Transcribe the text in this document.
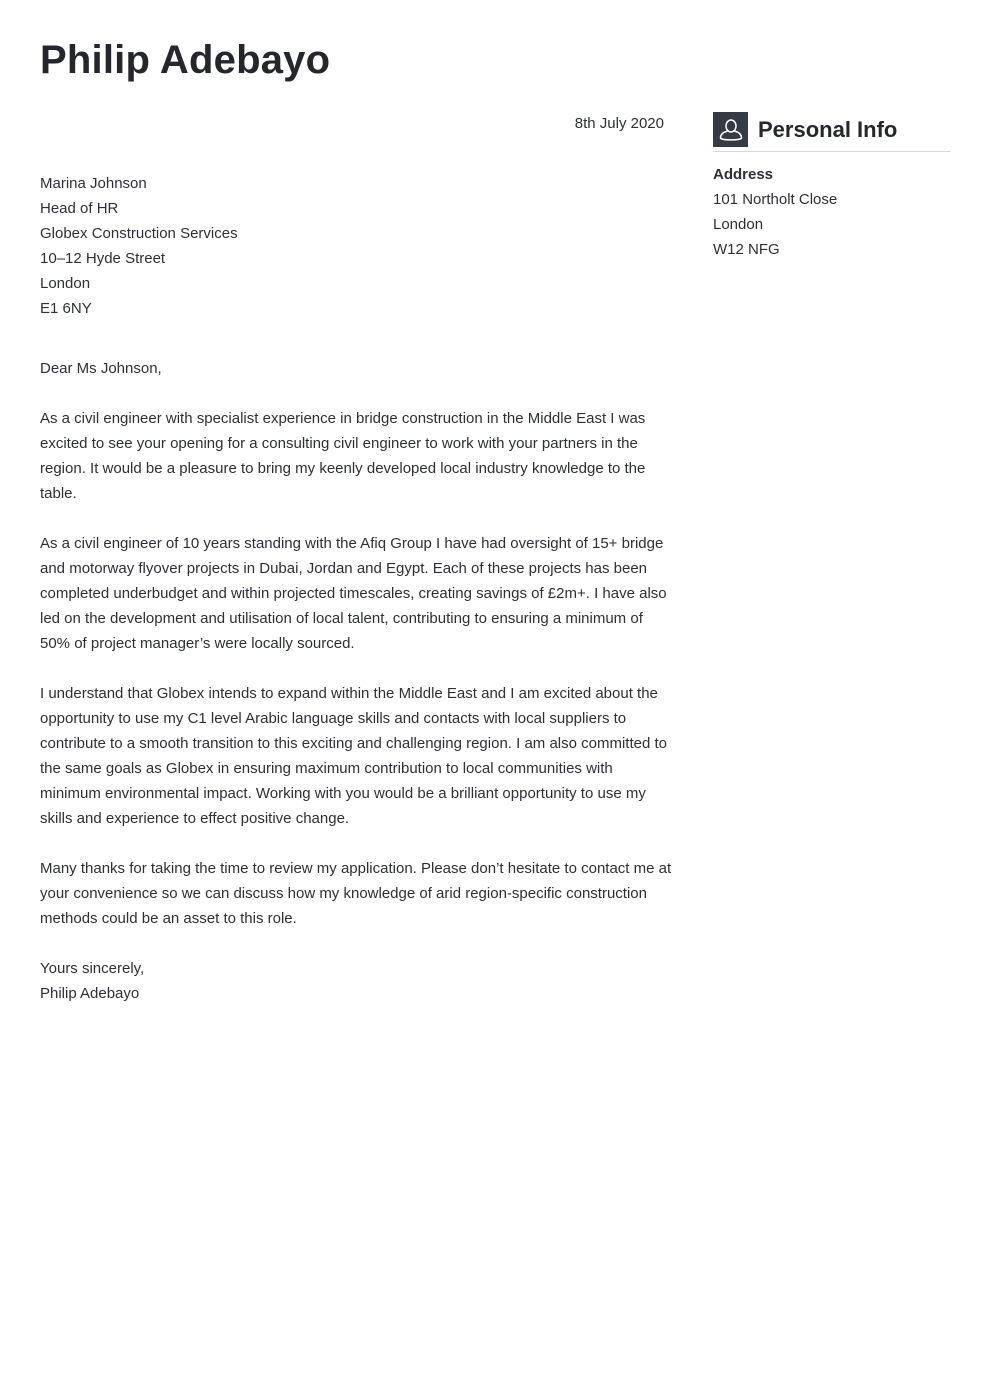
Philip Adebayo
8th July 2020
Marina Johnson
Head of HR
Globex Construction Services
10–12 Hyde Street
London
E1 6NY
Dear Ms Johnson,

As a civil engineer with specialist experience in bridge construction in the Middle East I was excited to see your opening for a consulting civil engineer to work with your partners in the region. It would be a pleasure to bring my keenly developed local industry knowledge to the table.

As a civil engineer of 10 years standing with the Afiq Group I have had oversight of 15+ bridge and motorway flyover projects in Dubai, Jordan and Egypt. Each of these projects has been completed underbudget and within projected timescales, creating savings of £2m+. I have also led on the development and utilisation of local talent, contributing to ensuring a minimum of 50% of project manager’s were locally sourced.

I understand that Globex intends to expand within the Middle East and I am excited about the opportunity to use my C1 level Arabic language skills and contacts with local suppliers to contribute to a smooth transition to this exciting and challenging region. I am also committed to the same goals as Globex in ensuring maximum contribution to local communities with minimum environmental impact. Working with you would be a brilliant opportunity to use my skills and experience to effect positive change.

Many thanks for taking the time to review my application. Please don’t hesitate to contact me at your convenience so we can discuss how my knowledge of arid region-specific construction methods could be an asset to this role.

Yours sincerely,
Philip Adebayo
Personal Info
Address
101 Northolt Close
London
W12 NFG
